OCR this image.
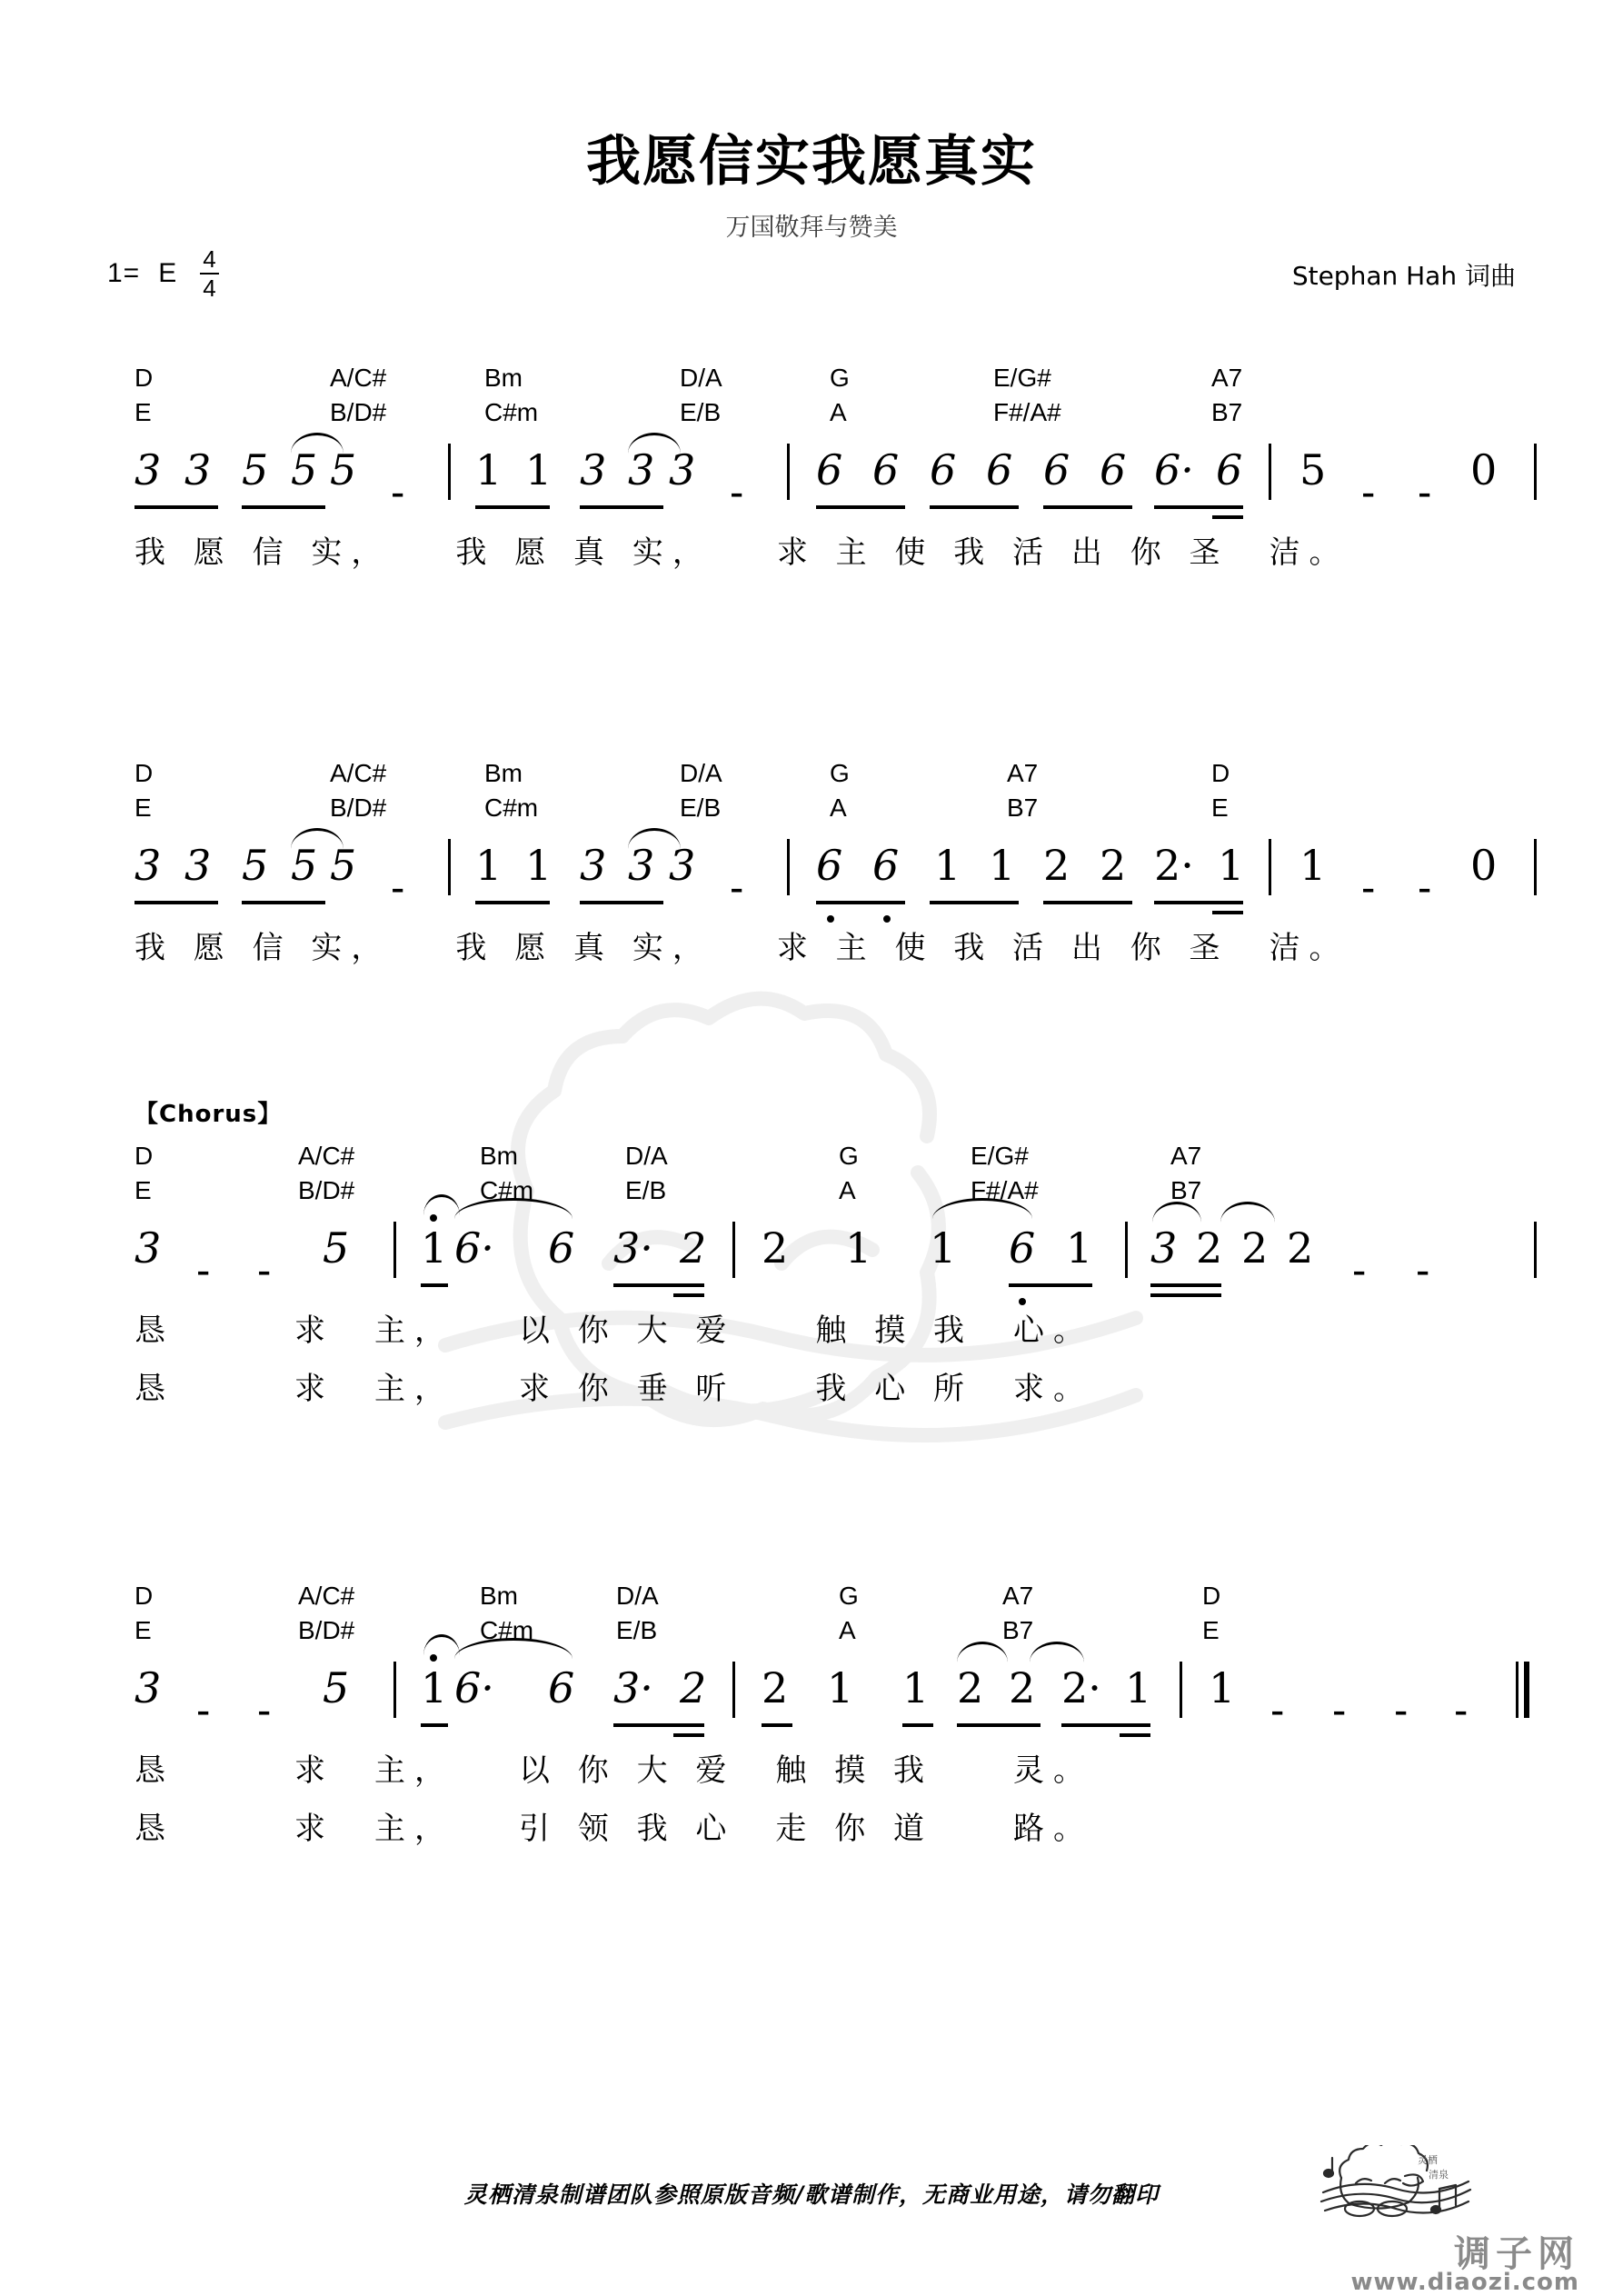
我愿信实我愿真实
万国敬拜与赞美
1= E $\frac{4}{4}$	Stephan Hah 词曲
D	A/C#	Bm	D/A	G	E/G#	A7
E	B/D#	C#m	E/B	A	F#/A#	B7
3 3 5 5 5 - 1 1 3 3 3 - 6 6 6 6 6 6 6· 6 5 - - 0
我 愿 信 实，　　我 愿 真 实，　　求 主 使 我 活 出 你 圣　洁。
D	A/C#	Bm	D/A	G	A7	D
E	B/D#	C#m	E/B	A	B7	E
3 3 5 5 5 - 1 1 3 3 3 - 6 6 1 1 2 2 2· 1 1 - - 0
我 愿 信 实，　　我 愿 真 实，　　求 主 使 我 活 出 你 圣　洁。
【Chorus】
D	A/C#	Bm	D/A	G	E/G#	A7
E	B/D#	C#m	E/B	A	F#/A#	B7
3 - - 5 1 6· 6 3· 2 2 1 1 6 1 3 2 2 2 - -
恳　　　求　主，　　以 你 大 爱　　触 摸 我　心。
恳　　　求　主，　　求 你 垂 听　　我 心 所　求。
D	A/C#	Bm	D/A	G	A7	D
E	B/D#	C#m	E/B	A	B7	E
3 - - 5 1 6· 6 3· 2 2 1 1 2 2 2· 1 1 - - - -
恳　　　求　主，　　以 你 大 爱　触 摸 我　　灵。
恳　　　求　主，　　引 领 我 心　走 你 道　　路。
灵栖清泉制谱团队参照原版音频/歌谱制作，无商业用途，请勿翻印
灵栖
清泉
调子网
www.diaozi.com
